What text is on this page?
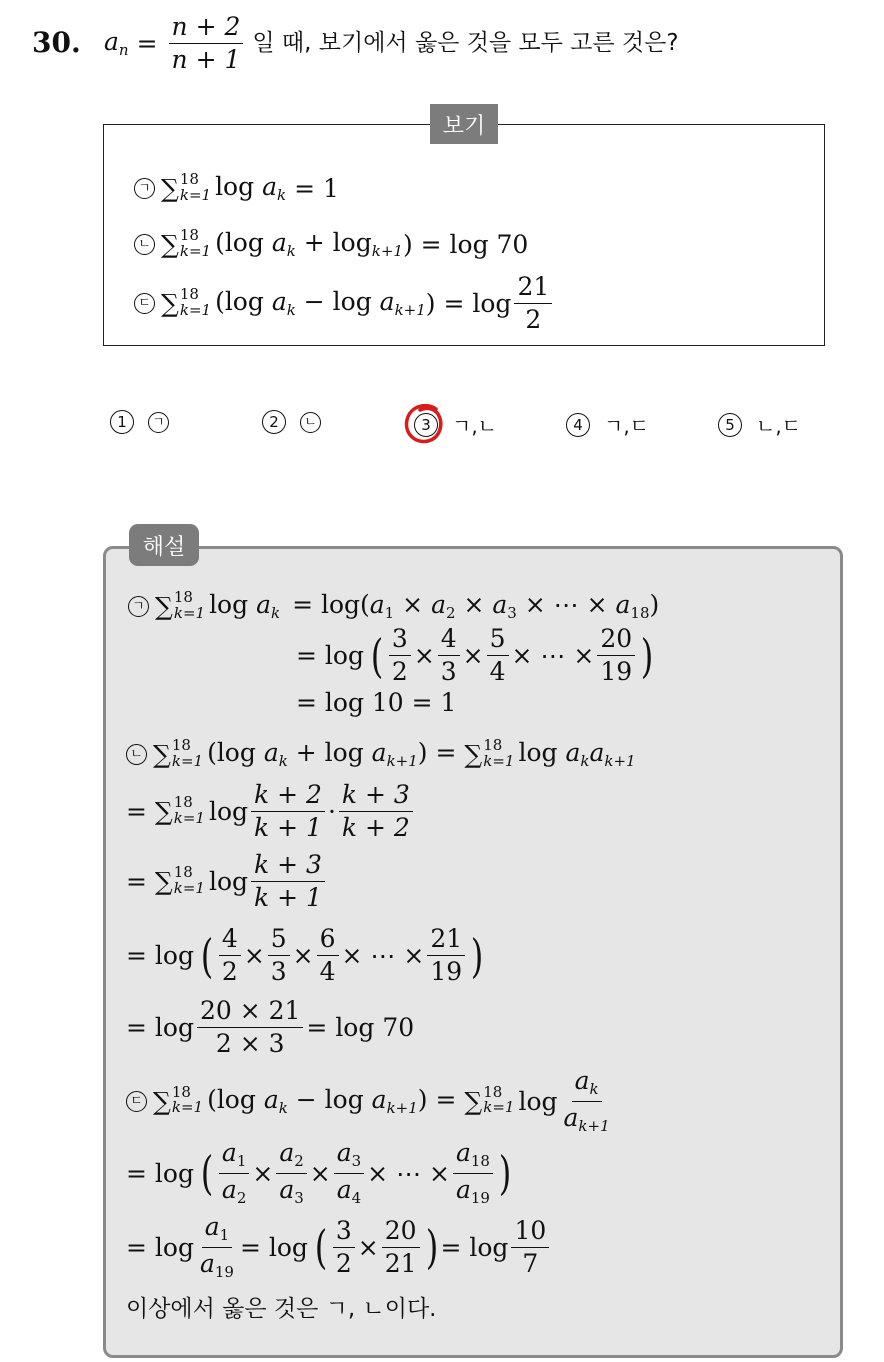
30. $a_n = \frac{n + 2}{n + 1}$ 일 때, 보기에서 옳은 것을 모두 고른 것은?
보기
ㄱ ∑ 18
k=1 $\log a_k = 1$
ㄴ ∑ 18
k=1 (log $a_k + \log_{k+1}$ ) = log 70
ㄷ ∑ 18
k=1 (log $a_k - \log a_{k+1}$ ) = $\log \frac{21}{2}$
1	ㄱ	2	ㄴ	3	ㄱ,ㄴ	4	ㄱ,ㄷ	5	ㄴ,ㄷ
해설
ㄱ ∑ 18
k=1 $\log a_k = \log(a_1 \times a_2 \times a_3$ × ⋯ × $a_{18}$)
= log ( $\frac{3}{2} \times \frac{4}{3} \times \frac{5}{4}$ × ⋯ × $\frac{20}{19}$ )
= log 10 = 1
ㄴ ∑ 18
k=1 (log $a_k + \log a_{k+1}$) = ∑ 18
k=1 $\log a_ka_{k+1}$
= ∑ 18
k=1 $\log \frac{k + 2}{k + 1} \cdot \frac{k + 3}{k + 2}$
= ∑ 18
k=1 $\log \frac{k + 3}{k + 1}$
= log ( $\frac{4}{2} \times \frac{5}{3} \times \frac{6}{4}$ × ⋯ × $\frac{21}{19}$ )
= $\log \frac{20 \times 21}{2 \times 3} = \log 70$
ㄷ ∑ 18
k=1 (log $a_k - \log a_{k+1}$) = ∑ 18
k=1 $\log \frac{a_k}{a_{k+1}}$
= log ( $\frac{a_1}{a_2} \times \frac{a_2}{a_3} \times \frac{a_3}{a_4}$ × ⋯ × $\frac{a_{18}}{a_{19}}$ )
= $\log \frac{a_1}{a_{19}} = \log$ ( $\frac{3}{2} \times \frac{20}{21}$ ) = $\log \frac{10}{7}$
이상에서 옳은 것은 ㄱ, ㄴ이다.
